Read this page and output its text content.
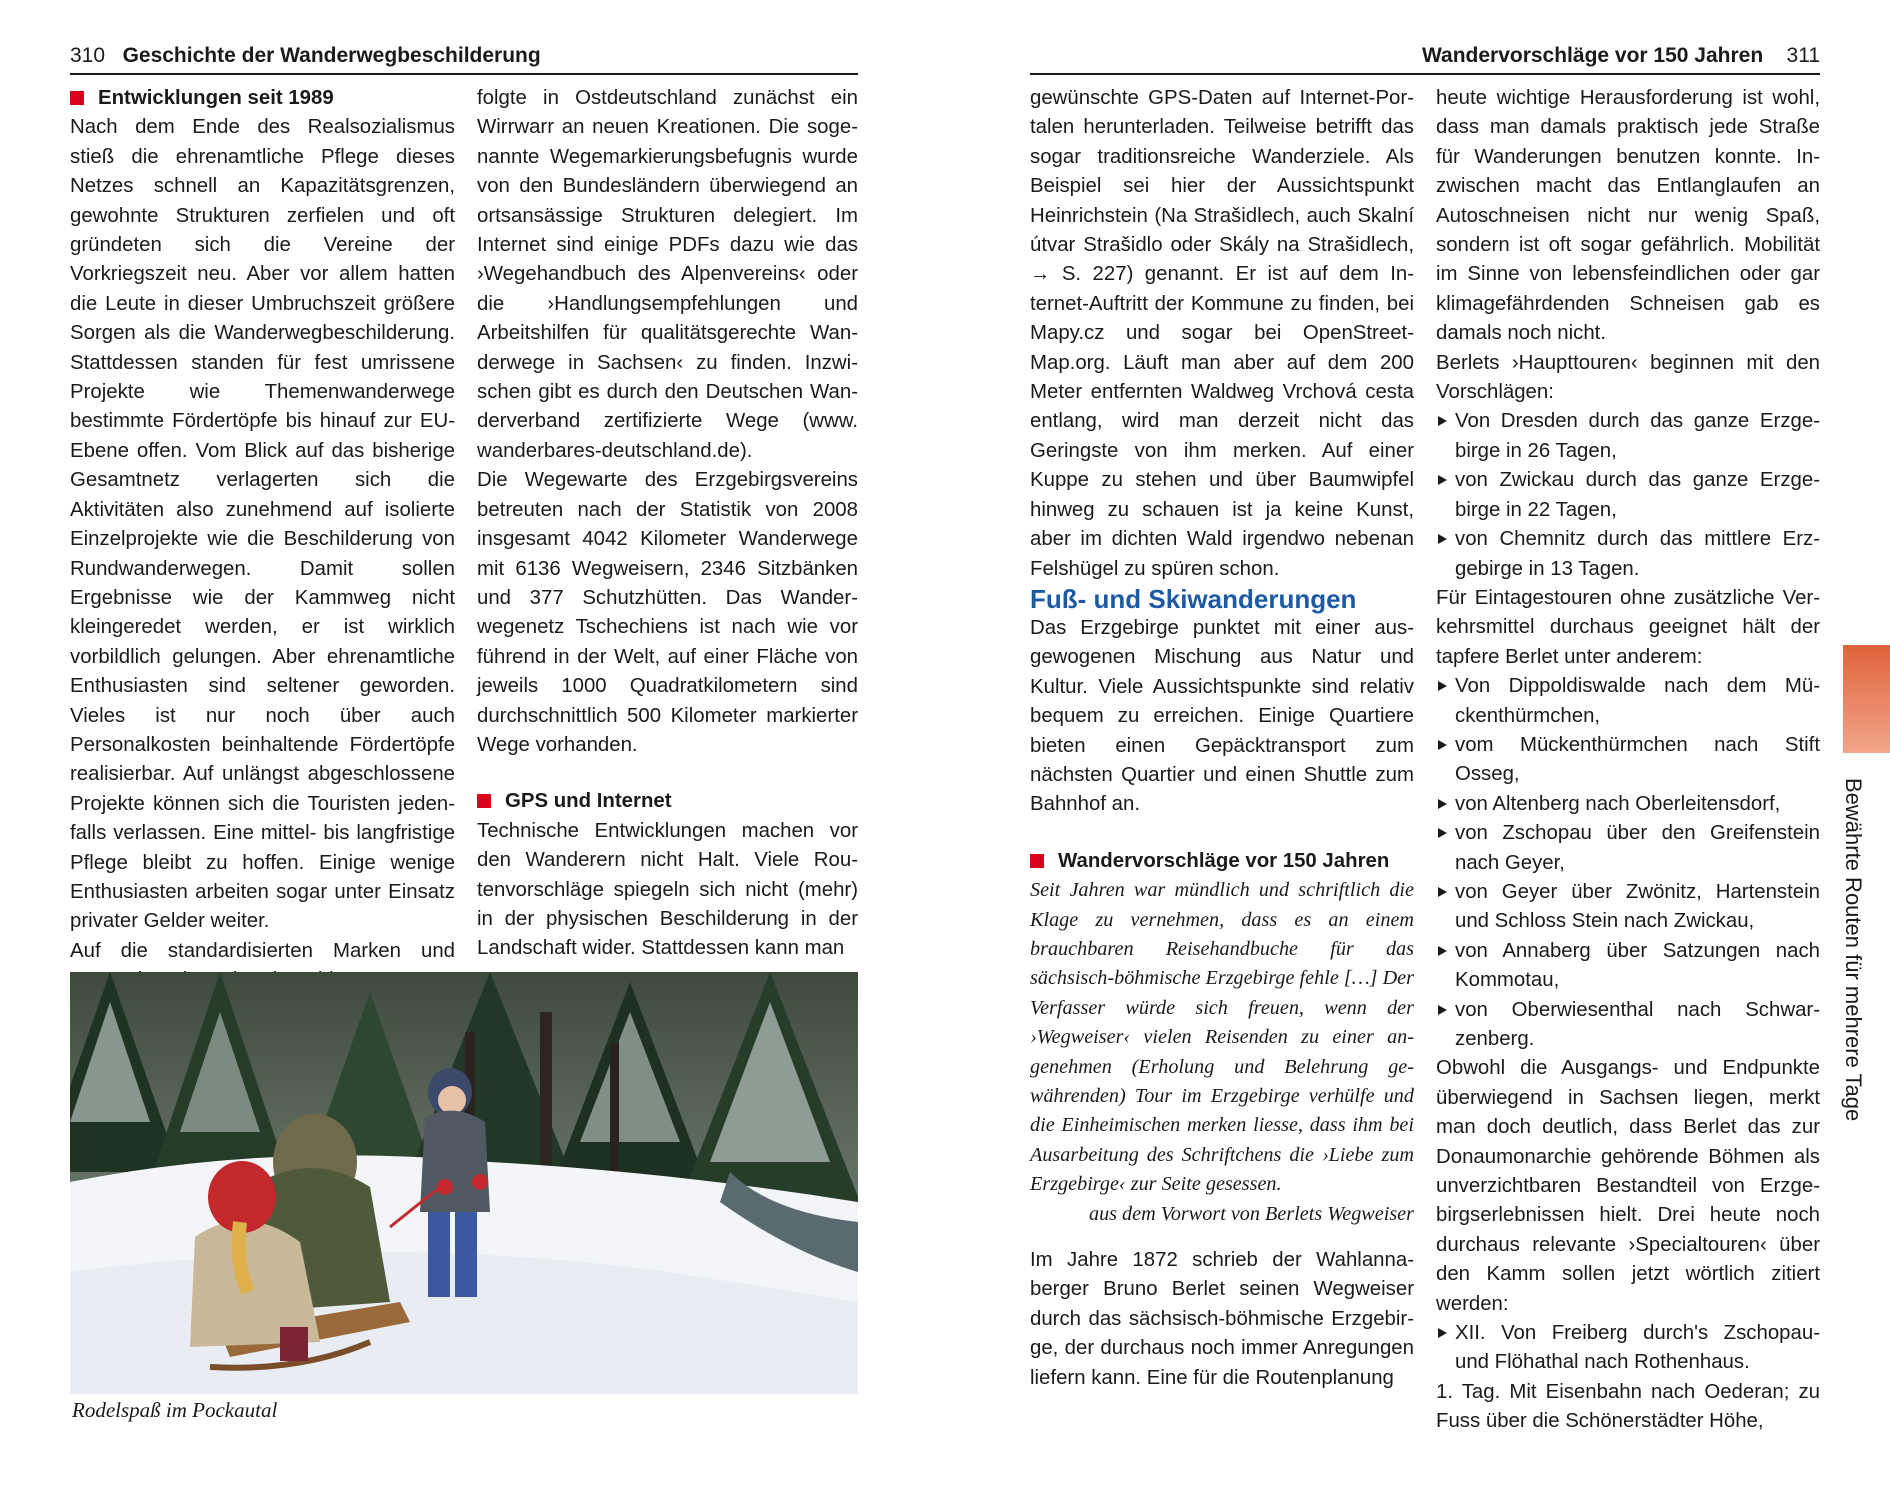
310 Geschichte der Wanderwegbeschilderung	Wandervorschläge vor 150 Jahren 311

Entwicklungen seit 1989

Nach dem Ende des Realsozialismus stieß die ehrenamtliche Pflege dieses Netzes schnell an Kapazitätsgrenzen, gewohnte Strukturen zerfielen und oft gründeten sich die Vereine der Vorkriegszeit neu. Aber vor allem hatten die Leute in dieser Umbruchszeit größere Sorgen als die Wanderwegbeschilderung. Stattdessen standen für fest umrissene Projekte wie Themenwanderwege bestimmte Fördertöpfe bis hinauf zur EU-Ebene offen. Vom Blick auf das bisherige Gesamtnetz verlagerten sich die Aktivitäten also zunehmend auf isolierte Einzelprojekte wie die Beschilderung von Rundwanderwegen. Damit sollen Ergebnisse wie der Kammweg nicht kleingeredet werden, er ist wirklich vorbildlich gelungen. Aber ehrenamtliche Enthusiasten sind seltener geworden. Vieles ist nur noch über auch Personalkosten beinhaltende Fördertöpfe realisierbar. Auf unlängst abgeschlossene Projekte können sich die Touristen jedenfalls verlassen. Eine mittel- bis langfristige Pflege bleibt zu hoffen. Einige wenige Enthusiasten arbeiten sogar unter Einsatz privater Gelder weiter.

Auf die standardisierten Marken und

folgte in Ostdeutschland zunächst ein Wirrwarr an neuen Kreationen. Die sogenannte Wegemarkierungsbefugnis wurde von den Bundesländern überwiegend an ortsansässige Strukturen delegiert. Im Internet sind einige PDFs dazu wie das ›Wegehandbuch des Alpenvereins‹ oder die ›Handlungsempfehlungen und Arbeitshilfen für qualitätsgerechte Wanderwege in Sachsen‹ zu finden. Inzwischen gibt es durch den Deutschen Wanderverband zertifizierte Wege (www.​wanderbares-deutschland.de).

Die Wegewarte des Erzgebirgsvereins betreuten nach der Statistik von 2008 insgesamt 4042 Kilometer Wanderwege mit 6136 Wegweisern, 2346 Sitzbänken und 377 Schutzhütten. Das Wanderwegenetz Tschechiens ist nach wie vor führend in der Welt, auf einer Fläche von jeweils 1000 Quadratkilometern sind durchschnittlich 500 Kilometer markierter Wege vorhanden.

GPS und Internet

Technische Entwicklungen machen vor den Wanderern nicht Halt. Viele Routenvorschläge spiegeln sich nicht (mehr) in der physischen Beschilderung in der Landschaft wider. Stattdessen kann man

Rodelspaß im Pockautal

gewünschte GPS-Daten auf Internet-Portalen herunterladen. Teilweise betrifft das sogar traditionsreiche Wanderziele. Als Beispiel sei hier der Aussichtspunkt Heinrichstein (Na Strašidlech, auch Skalní útvar Strašidlo oder Skály na Strašidlech, → S. 227) genannt. Er ist auf dem Internet-Auftritt der Kommune zu finden, bei Mapy.cz und sogar bei OpenStreetMap.org. Läuft man aber auf dem 200 Meter entfernten Waldweg Vrchová cesta entlang, wird man derzeit nicht das Geringste von ihm merken. Auf einer Kuppe zu stehen und über Baumwipfel hinweg zu schauen ist ja keine Kunst, aber im dichten Wald irgendwo nebenan Felshügel zu spüren schon.

Fuß- und Skiwanderungen

Das Erzgebirge punktet mit einer ausgewogenen Mischung aus Natur und Kultur. Viele Aussichtspunkte sind relativ bequem zu erreichen. Einige Quartiere bieten einen Gepäcktransport zum nächsten Quartier und einen Shuttle zum Bahnhof an.

Wandervorschläge vor 150 Jahren

Seit Jahren war mündlich und schriftlich die Klage zu vernehmen, dass es an einem brauchbaren Reisehandbuche für das sächsisch-böhmische Erzgebirge fehle […] Der Verfasser würde sich freuen, wenn der ›Wegweiser‹ vielen Reisenden zu einer angenehmen (Erholung und Belehrung gewährenden) Tour im Erzgebirge verhülfe und die Einheimischen merken liesse, dass ihm bei Ausarbeitung des Schriftchens die ›Liebe zum Erzgebirge‹ zur Seite gesessen.

aus dem Vorwort von Berlets Wegweiser

Im Jahre 1872 schrieb der Wahlannaberger Bruno Berlet seinen Wegweiser durch das sächsisch-böhmische Erzgebirge, der durchaus noch immer Anregungen liefern kann. Eine für die Routenplanung

heute wichtige Herausforderung ist wohl, dass man damals praktisch jede Straße für Wanderungen benutzen konnte. Inzwischen macht das Entlanglaufen an Autoschneisen nicht nur wenig Spaß, sondern ist oft sogar gefährlich. Mobilität im Sinne von lebensfeindlichen oder gar klimagefährdenden Schneisen gab es damals noch nicht.

Berlets ›Haupttouren‹ beginnen mit den Vorschlägen:

Von Dresden durch das ganze Erzgebirge in 26 Tagen,
von Zwickau durch das ganze Erzgebirge in 22 Tagen,
von Chemnitz durch das mittlere Erzgebirge in 13 Tagen.

Für Eintagestouren ohne zusätzliche Verkehrsmittel durchaus geeignet hält der tapfere Berlet unter anderem:

Von Dippoldiswalde nach dem Mückenthürmchen,
vom Mückenthürmchen nach Stift Osseg,
von Altenberg nach Oberleitensdorf,
von Zschopau über den Greifenstein nach Geyer,
von Geyer über Zwönitz, Hartenstein und Schloss Stein nach Zwickau,
von Annaberg über Satzungen nach Kommotau,
von Oberwiesenthal nach Schwarzenberg.

Obwohl die Ausgangs- und Endpunkte überwiegend in Sachsen liegen, merkt man doch deutlich, dass Berlet das zur Donaumonarchie gehörende Böhmen als unverzichtbaren Bestandteil von Erzgebirgserlebnissen hielt. Drei heute noch durchaus relevante ›Specialtouren‹ über den Kamm sollen jetzt wörtlich zitiert werden:

XII. Von Freiberg durch's Zschopau- und Flöhathal nach Rothenhaus.

1. Tag. Mit Eisenbahn nach Oederan; zu Fuss über die Schönerstädter Höhe,

Bewährte Routen für mehrere Tage
